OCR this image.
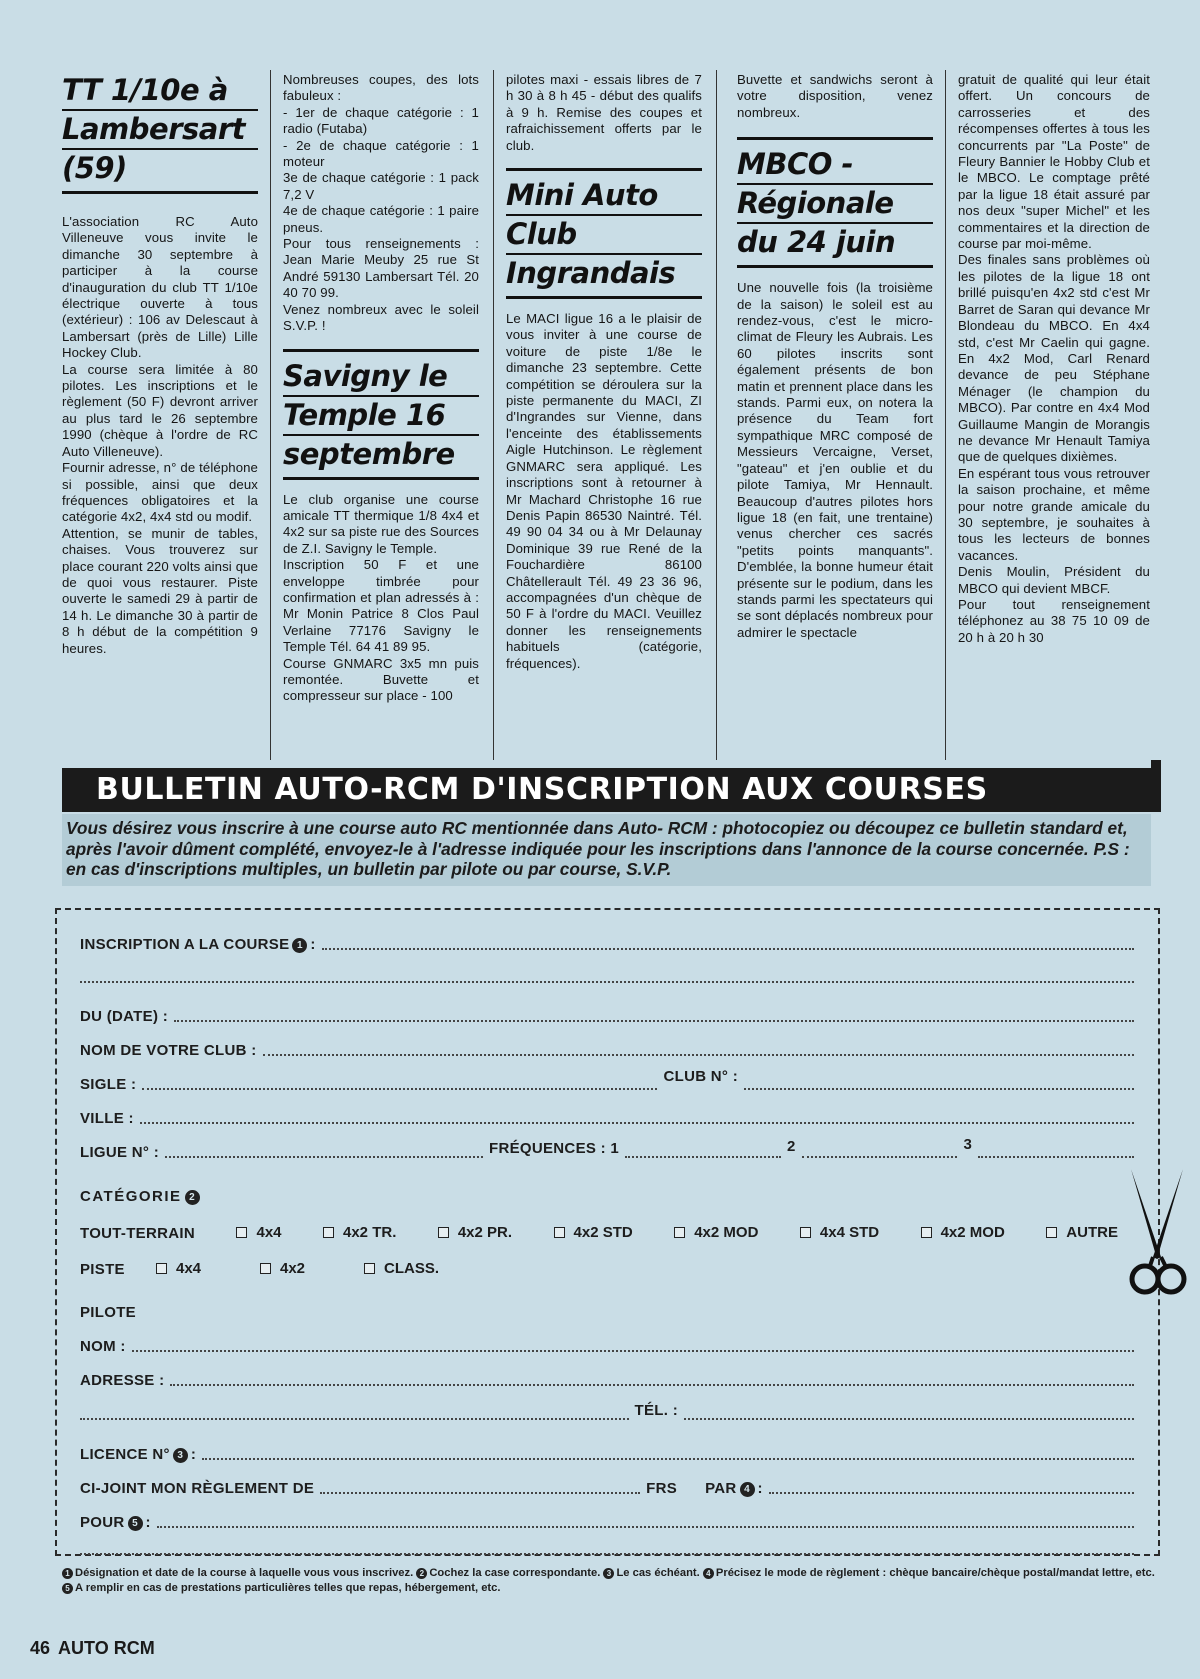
TT 1/10e à
Lambersart
(59)

L'association RC Auto Villeneuve vous invite le dimanche 30 septembre à participer à la course d'inauguration du club TT 1/10e électrique ouverte à tous (extérieur) : 106 av Delescaut à Lambersart (près de Lille) Lille Hockey Club.

La course sera limitée à 80 pilotes. Les inscriptions et le règlement (50 F) devront arriver au plus tard le 26 septembre 1990 (chèque à l'ordre de RC Auto Villeneuve).

Fournir adresse, n° de téléphone si possible, ainsi que deux fréquences obligatoires et la catégorie 4x2, 4x4 std ou modif.

Attention, se munir de tables, chaises. Vous trouverez sur place courant 220 volts ainsi que de quoi vous restaurer. Piste ouverte le samedi 29 à partir de 14 h. Le dimanche 30 à partir de 8 h début de la compétition 9 heures.

Nombreuses coupes, des lots fabuleux :

- 1er de chaque catégorie : 1 radio (Futaba)

- 2e de chaque catégorie : 1 moteur

3e de chaque catégorie : 1 pack 7,2 V

4e de chaque catégorie : 1 paire pneus.

Pour tous renseignements : Jean Marie Meuby 25 rue St André 59130 Lambersart Tél. 20 40 70 99.

Venez nombreux avec le soleil S.V.P. !

Savigny le
Temple 16
septembre

Le club organise une course amicale TT thermique 1/8 4x4 et 4x2 sur sa piste rue des Sources de Z.I. Savigny le Temple.

Inscription 50 F et une enveloppe timbrée pour confirmation et plan adressés à : Mr Monin Patrice 8 Clos Paul Verlaine 77176 Savigny le Temple Tél. 64 41 89 95.

Course GNMARC 3x5 mn puis remontée. Buvette et compresseur sur place - 100

pilotes maxi - essais libres de 7 h 30 à 8 h 45 - début des qualifs à 9 h. Remise des coupes et rafraichissement offerts par le club.

Mini Auto
Club
Ingrandais

Le MACI ligue 16 a le plaisir de vous inviter à une course de voiture de piste 1/8e le dimanche 23 septembre. Cette compétition se déroulera sur la piste permanente du MACI, ZI d'Ingrandes sur Vienne, dans l'enceinte des établissements Aigle Hutchinson. Le règlement GNMARC sera appliqué. Les inscriptions sont à retourner à Mr Machard Christophe 16 rue Denis Papin 86530 Naintré. Tél. 49 90 04 34 ou à Mr Delaunay Dominique 39 rue René de la Fouchardière 86100 Châtellerault Tél. 49 23 36 96, accompagnées d'un chèque de 50 F à l'ordre du MACI. Veuillez donner les renseignements habituels (catégorie, fréquences).

Buvette et sandwichs seront à votre disposition, venez nombreux.

MBCO -
Régionale
du 24 juin

Une nouvelle fois (la troisième de la saison) le soleil est au rendez-vous, c'est le micro-climat de Fleury les Aubrais. Les 60 pilotes inscrits sont également présents de bon matin et prennent place dans les stands. Parmi eux, on notera la présence du Team fort sympathique MRC composé de Messieurs Vercaigne, Verset, "gateau" et j'en oublie et du pilote Tamiya, Mr Hennault. Beaucoup d'autres pilotes hors ligue 18 (en fait, une trentaine) venus chercher ces sacrés "petits points manquants". D'emblée, la bonne humeur était présente sur le podium, dans les stands parmi les spectateurs qui se sont déplacés nombreux pour admirer le spectacle

gratuit de qualité qui leur était offert. Un concours de carrosseries et des récompenses offertes à tous les concurrents par "La Poste" de Fleury Bannier le Hobby Club et le MBCO. Le comptage prêté par la ligue 18 était assuré par nos deux "super Michel" et les commentaires et la direction de course par moi-même.

Des finales sans problèmes où les pilotes de la ligue 18 ont brillé puisqu'en 4x2 std c'est Mr Barret de Saran qui devance Mr Blondeau du MBCO. En 4x4 std, c'est Mr Caelin qui gagne. En 4x2 Mod, Carl Renard devance de peu Stéphane Ménager (le champion du MBCO). Par contre en 4x4 Mod Guillaume Mangin de Morangis ne devance Mr Henault Tamiya que de quelques dixièmes.

En espérant tous vous retrouver la saison prochaine, et même pour notre grande amicale du 30 septembre, je souhaites à tous les lecteurs de bonnes vacances.

Denis Moulin, Président du MBCO qui devient MBCF.

Pour tout renseignement téléphonez au 38 75 10 09 de 20 h à 20 h 30

BULLETIN AUTO-RCM D'INSCRIPTION AUX COURSES
Vous désirez vous inscrire à une course auto RC mentionnée dans Auto- RCM : photocopiez ou découpez ce bulletin standard et, après l'avoir dûment complété, envoyez-le à l'adresse indiquée pour les inscriptions dans l'annonce de la course concernée. P.S : en cas d'inscriptions multiples, un bulletin par pilote ou par course, S.V.P.
INSCRIPTION A LA COURSE 1 :
DU (DATE) :
NOM DE VOTRE CLUB :
SIGLE :	CLUB N° :
VILLE :
LIGUE N° :	FRÉQUENCES : 1	2	3
CATÉGORIE 2
TOUT-TERRAIN	4x4	4x2 TR.	4x2 PR.	4x2 STD	4x2 MOD	4x4 STD	4x2 MOD	AUTRE
PISTE	4x4	4x2	CLASS.
PILOTE
NOM :
ADRESSE :
TÉL. :
LICENCE N° 3 :
CI-JOINT MON RÈGLEMENT DE	FRS PAR 4 :
POUR 5 :
1 Désignation et date de la course à laquelle vous vous inscrivez. 2 Cochez la case correspondante. 3 Le cas échéant. 4 Précisez le mode de règlement : chèque bancaire/chèque postal/mandat lettre, etc. 5 A remplir en cas de prestations particulières telles que repas, hébergement, etc.
46 AUTO RCM
